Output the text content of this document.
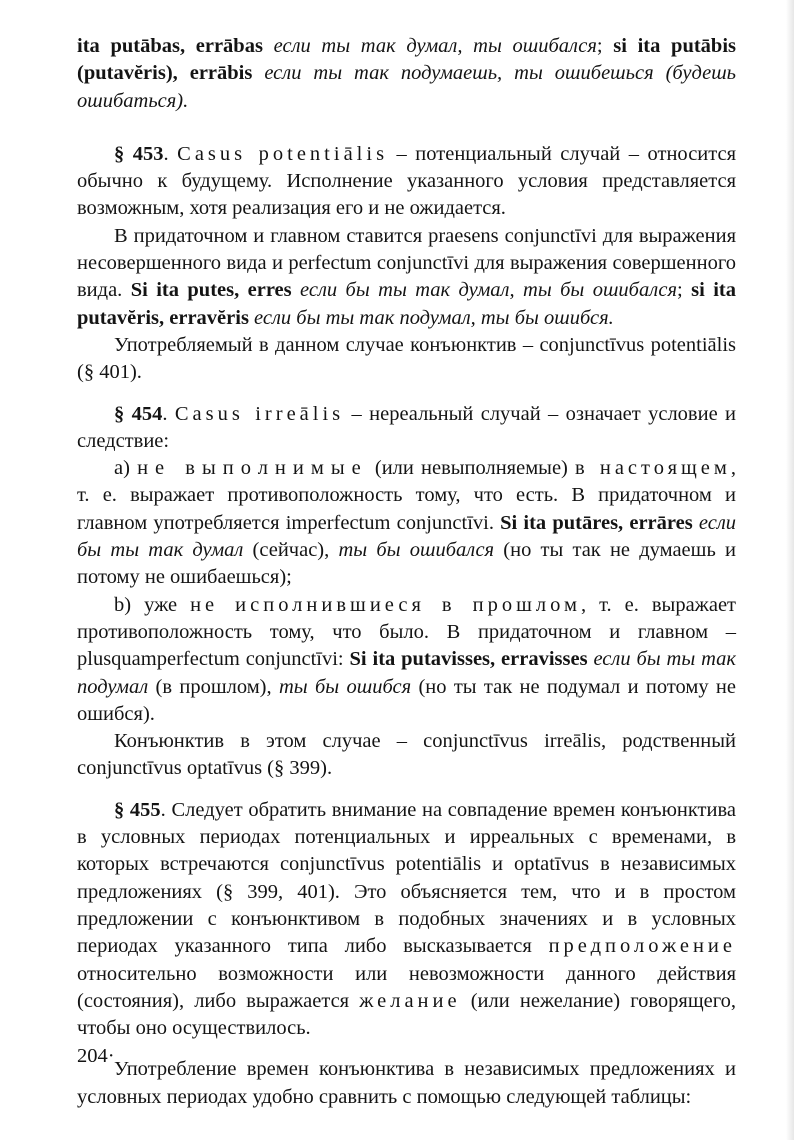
ita putābas, errābas если ты так думал, ты ошибался; si ita putābis (putavĕris), errābis если ты так подумаешь, ты ошибешься (будешь ошибаться).

§ 453. Casus potentiālis – потенциальный случай – относится обычно к будущему. Исполнение указанного условия представляется возможным, хотя реализация его и не ожидается.

В придаточном и главном ставится praesens conjunctīvi для выражения несовершенного вида и perfectum conjunctīvi для выражения совершенного вида. Si ita putes, erres если бы ты так думал, ты бы ошибался; si ita putavĕris, erravĕris если бы ты так подумал, ты бы ошибся.

Употребляемый в данном случае конъюнктив – conjunctīvus potentiālis (§ 401).

§ 454. Casus irreālis – нереальный случай – означает условие и следствие:

а) не выполнимые (или невыполняемые) в настоящем, т. е. выражает противоположность тому, что есть. В придаточном и главном употребляется imperfectum conjunctīvi. Si ita putāres, errāres если бы ты так думал (сейчас), ты бы ошибался (но ты так не думаешь и потому не ошибаешься);

b) уже не исполнившиеся в прошлом, т. е. выражает противоположность тому, что было. В придаточном и главном – plusquamperfectum conjunctīvi: Si ita putavisses, erravisses если бы ты так подумал (в прошлом), ты бы ошибся (но ты так не подумал и потому не ошибся).

Конъюнктив в этом случае – conjunctīvus irreālis, родственный conjunctīvus optatīvus (§ 399).

§ 455. Следует обратить внимание на совпадение времен конъюнктива в условных периодах потенциальных и ирреальных с временами, в которых встречаются conjunctīvus potentiālis и optatīvus в независимых предложениях (§ 399, 401). Это объясняется тем, что и в простом предложении с конъюнктивом в подобных значениях и в условных периодах указанного типа либо высказывается предположение относительно возможности или невозможности данного действия (состояния), либо выражается желание (или нежелание) говорящего, чтобы оно осуществилось.

Употребление времен конъюнктива в независимых предложениях и условных периодах удобно сравнить с помощью следующей таблицы:

204·
